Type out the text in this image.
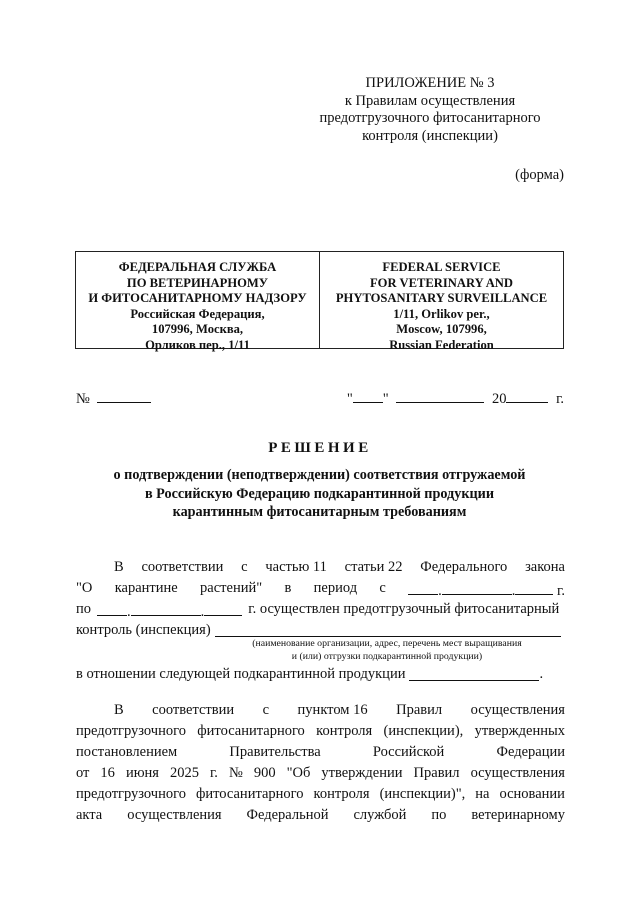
ПРИЛОЖЕНИЕ № 3
к Правилам осуществления
предотгрузочного фитосанитарного
контроля (инспекции)
(форма)
ФЕДЕРАЛЬНАЯ СЛУЖБА
ПО ВЕТЕРИНАРНОМУ
И ФИТОСАНИТАРНОМУ НАДЗОРУ
Российская Федерация,
107996, Москва,
Орликов пер., 1/11
FEDERAL SERVICE
FOR VETERINARY AND
PHYTOSANITARY SURVEILLANCE
1/11, Orlikov per.,
Moscow, 107996,
Russian Federation
№	" "	20	г.
РЕШЕНИЕ
о подтверждении (неподтверждении) соответствия отгружаемой
в Российскую Федерацию подкарантинной продукции
карантинным фитосанитарным требованиям
В соответствии с частью 11 статьи 22 Федерального закона
"О карантине растений" в период с	.	.	г.
по	.	.	г. осуществлен предотгрузочный фитосанитарный
контроль (инспекция)
(наименование организации, адрес, перечень мест выращивания
и (или) отгрузки подкарантинной продукции)
в отношении следующей подкарантинной продукции	.
В соответствии с пунктом 16 Правил осуществления
предотгрузочного фитосанитарного контроля (инспекции), утвержденных
постановлением	Правительства	Российской	Федерации
от 16 июня 2025 г. № 900 "Об утверждении Правил осуществления
предотгрузочного фитосанитарного контроля (инспекции)", на основании
акта осуществления Федеральной службой по ветеринарному
